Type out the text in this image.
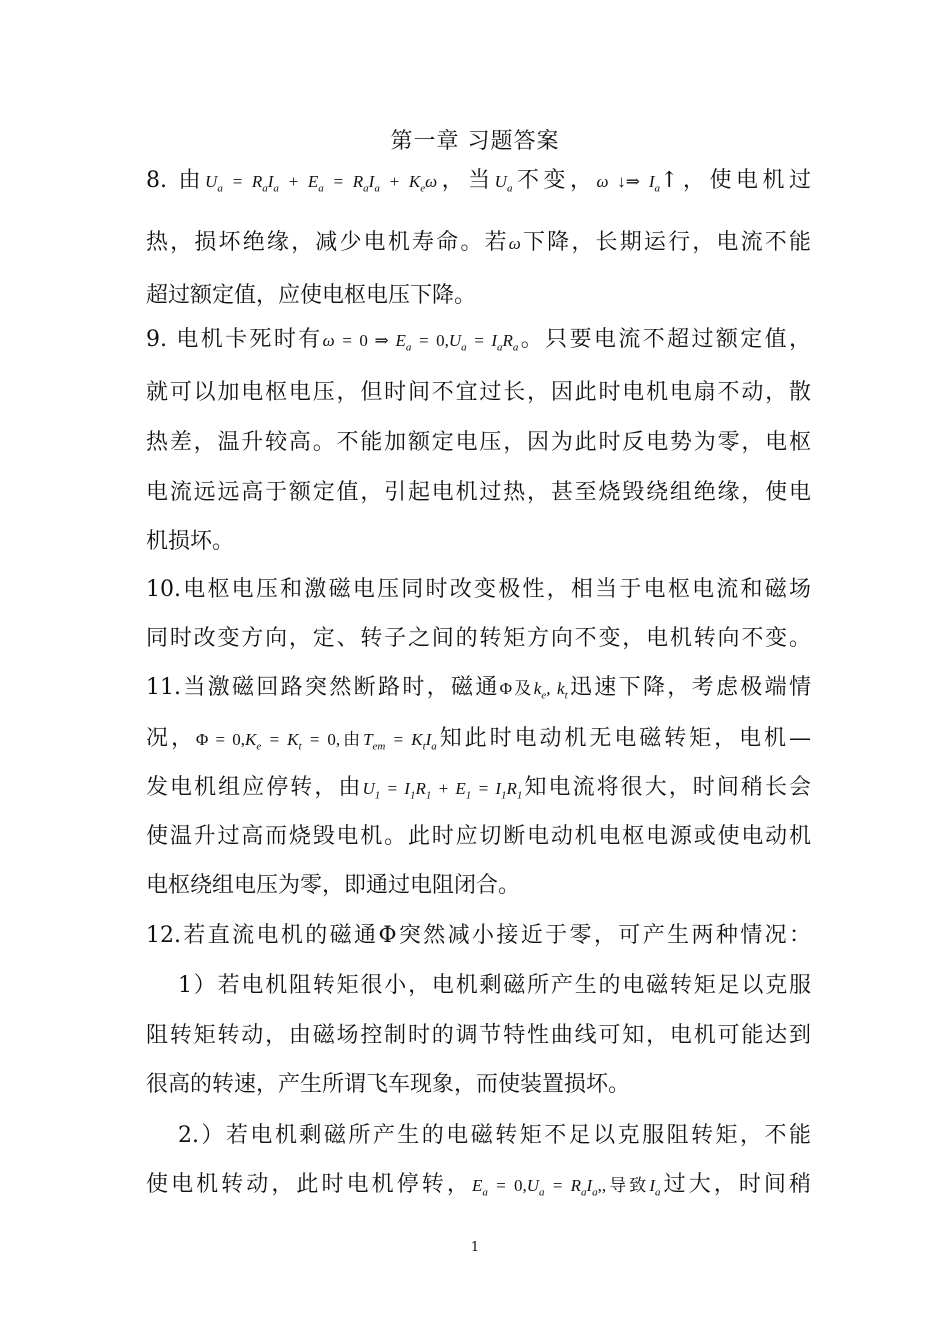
第一章 习题答案
8. 由$U_a = R_aI_a + E_a = R_aI_a + K_e\omega$，当$U_a$不变，ω ↓⇒ $I_a↑$，使电机过
热，损坏绝缘，减少电机寿命。若ω下降，长期运行，电流不能
超过额定值，应使电枢电压下降。
9. 电机卡死时有ω = 0 ⇒ $E_a = 0,U_a = I_aR_a$。只要电流不超过额定值，
就可以加电枢电压，但时间不宜过长，因此时电机电扇不动，散
热差，温升较高。不能加额定电压，因为此时反电势为零，电枢
电流远远高于额定值，引起电机过热，甚至烧毁绕组绝缘，使电
机损坏。
10.电枢电压和激磁电压同时改变极性，相当于电枢电流和磁场
同时改变方向，定、转子之间的转矩方向不变，电机转向不变。
11.当激磁回路突然断路时，磁通Φ及$k_e$, $k_t$迅速下降，考虑极端情
况，$\Phi = 0,K_e = K_t = 0$,由$T_{em} = K_tI_a$知此时电动机无电磁转矩，电机—
发电机组应停转，由$U_1 = I_1R_1 + E_1 = I_1R_1$知电流将很大，时间稍长会
使温升过高而烧毁电机。此时应切断电动机电枢电源或使电动机
电枢绕组电压为零，即通过电阻闭合。
12.若直流电机的磁通Φ突然减小接近于零，可产生两种情况：
1）若电机阻转矩很小，电机剩磁所产生的电磁转矩足以克服
阻转矩转动，由磁场控制时的调节特性曲线可知，电机可能达到
很高的转速，产生所谓飞车现象，而使装置损坏。
2.）若电机剩磁所产生的电磁转矩不足以克服阻转矩，不能
使电机转动，此时电机停转，$E_a = 0,U_a = R_aI_a$,,导致$I_a$过大，时间稍
1
